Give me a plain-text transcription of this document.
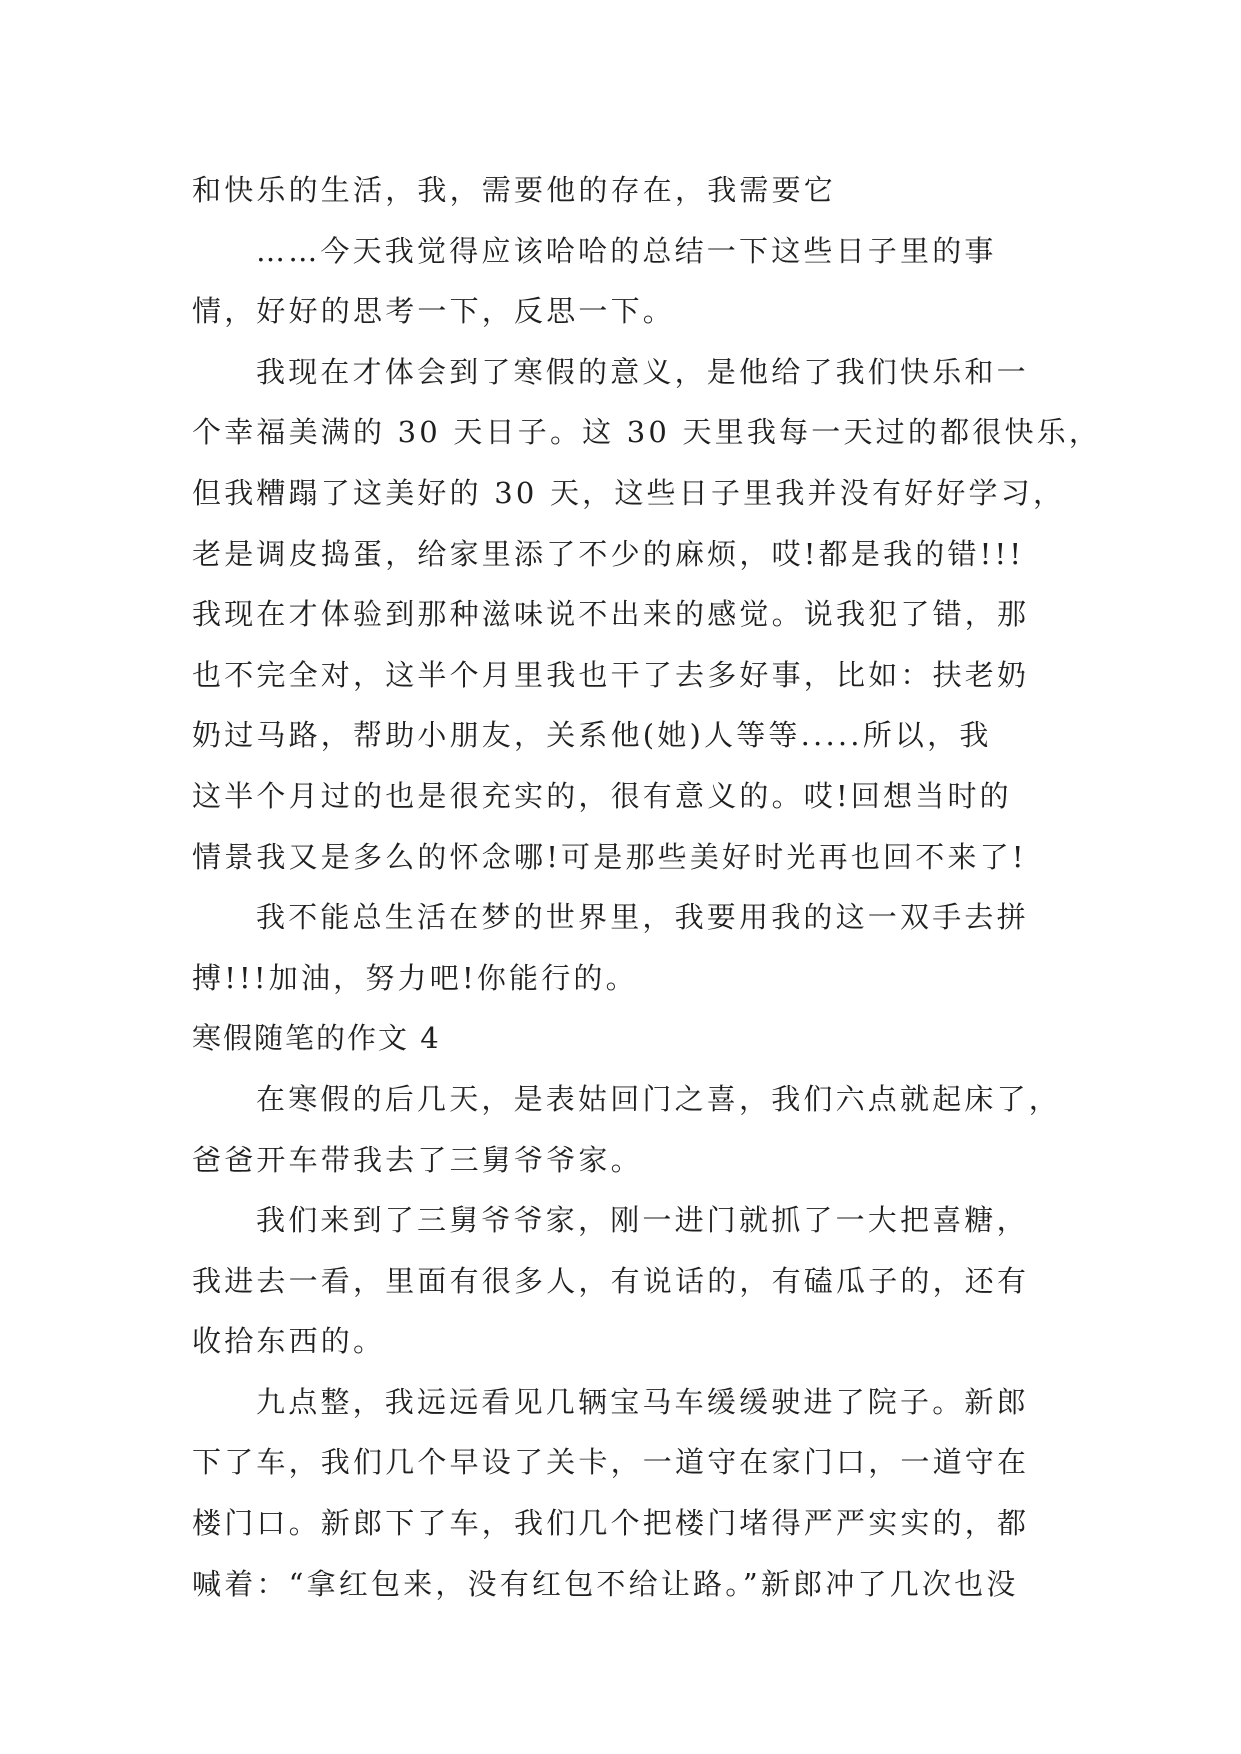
和快乐的生活，我，需要他的存在，我需要它
……今天我觉得应该哈哈的总结一下这些日子里的事
情，好好的思考一下，反思一下。
我现在才体会到了寒假的意义，是他给了我们快乐和一
个幸福美满的 30 天日子。这 30 天里我每一天过的都很快乐，
但我糟蹋了这美好的 30 天，这些日子里我并没有好好学习，
老是调皮捣蛋，给家里添了不少的麻烦，哎!都是我的错!!!
我现在才体验到那种滋味说不出来的感觉。说我犯了错，那
也不完全对，这半个月里我也干了去多好事，比如：扶老奶
奶过马路，帮助小朋友，关系他(她)人等等.....所以，我
这半个月过的也是很充实的，很有意义的。哎!回想当时的
情景我又是多么的怀念哪!可是那些美好时光再也回不来了!
我不能总生活在梦的世界里，我要用我的这一双手去拼
搏!!!加油，努力吧!你能行的。
寒假随笔的作文 4
在寒假的后几天，是表姑回门之喜，我们六点就起床了，
爸爸开车带我去了三舅爷爷家。
我们来到了三舅爷爷家，刚一进门就抓了一大把喜糖，
我进去一看，里面有很多人，有说话的，有磕瓜子的，还有
收拾东西的。
九点整，我远远看见几辆宝马车缓缓驶进了院子。新郎
下了车，我们几个早设了关卡，一道守在家门口，一道守在
楼门口。新郎下了车，我们几个把楼门堵得严严实实的，都
喊着：“拿红包来，没有红包不给让路。”新郎冲了几次也没
